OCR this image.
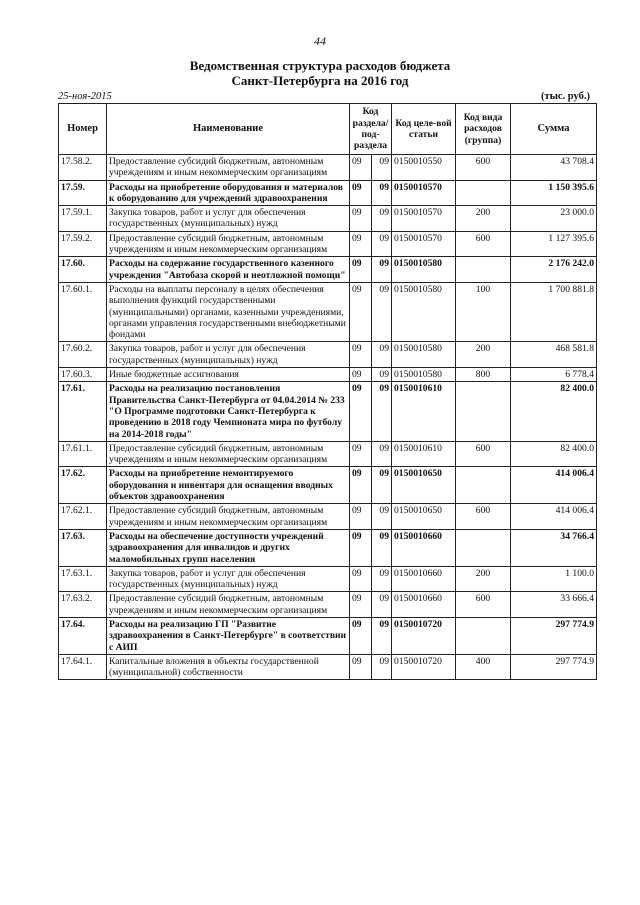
44
Ведомственная структура расходов бюджета
Санкт-Петербурга на 2016 год
25-ноя-2015	(тыс. руб.)
Номер	Наименование	Код раздела/ под-раздела		Код целе-вой статьи	Код вида расходов (группа)	Сумма
17.58.2.	Предоставление субсидий бюджетным, автономным учреждениям и иным некоммерческим организациям	09	09	0150010550	600	43 708.4
17.59.	Расходы на приобретение оборудования и материалов к оборудованию для учреждений здравоохранения	09	09	0150010570		1 150 395.6
17.59.1.	Закупка товаров, работ и услуг для обеспечения государственных (муниципальных) нужд	09	09	0150010570	200	23 000.0
17.59.2.	Предоставление субсидий бюджетным, автономным учреждениям и иным некоммерческим организациям	09	09	0150010570	600	1 127 395.6
17.60.	Расходы на содержание государственного казенного учреждения "Автобаза скорой и неотложной помощи"	09	09	0150010580		2 176 242.0
17.60.1.	Расходы на выплаты персоналу в целях обеспечения выполнения функций государственными (муниципальными) органами, казенными учреждениями, органами управления государственными внебюджетными фондами	09	09	0150010580	100	1 700 881.8
17.60.2.	Закупка товаров, работ и услуг для обеспечения государственных (муниципальных) нужд	09	09	0150010580	200	468 581.8
17.60.3.	Иные бюджетные ассигнования	09	09	0150010580	800	6 778.4
17.61.	Расходы на реализацию постановления Правительства Санкт-Петербурга от 04.04.2014 № 233 "О Программе подготовки Санкт-Петербурга к проведению в 2018 году Чемпионата мира по футболу на 2014-2018 годы"	09	09	0150010610		82 400.0
17.61.1.	Предоставление субсидий бюджетным, автономным учреждениям и иным некоммерческим организациям	09	09	0150010610	600	82 400.0
17.62.	Расходы на приобретение немонтируемого оборудования и инвентаря для оснащения вводных объектов здравоохранения	09	09	0150010650		414 006.4
17.62.1.	Предоставление субсидий бюджетным, автономным учреждениям и иным некоммерческим организациям	09	09	0150010650	600	414 006.4
17.63.	Расходы на обеспечение доступности учреждений здравоохранения для инвалидов и других маломобильных групп населения	09	09	0150010660		34 766.4
17.63.1.	Закупка товаров, работ и услуг для обеспечения государственных (муниципальных) нужд	09	09	0150010660	200	1 100.0
17.63.2.	Предоставление субсидий бюджетным, автономным учреждениям и иным некоммерческим организациям	09	09	0150010660	600	33 666.4
17.64.	Расходы на реализацию ГП "Развитие здравоохранения в Санкт-Петербурге" в соответствии с АИП	09	09	0150010720		297 774.9
17.64.1.	Капитальные вложения в объекты государственной (муниципальной) собственности	09	09	0150010720	400	297 774.9
